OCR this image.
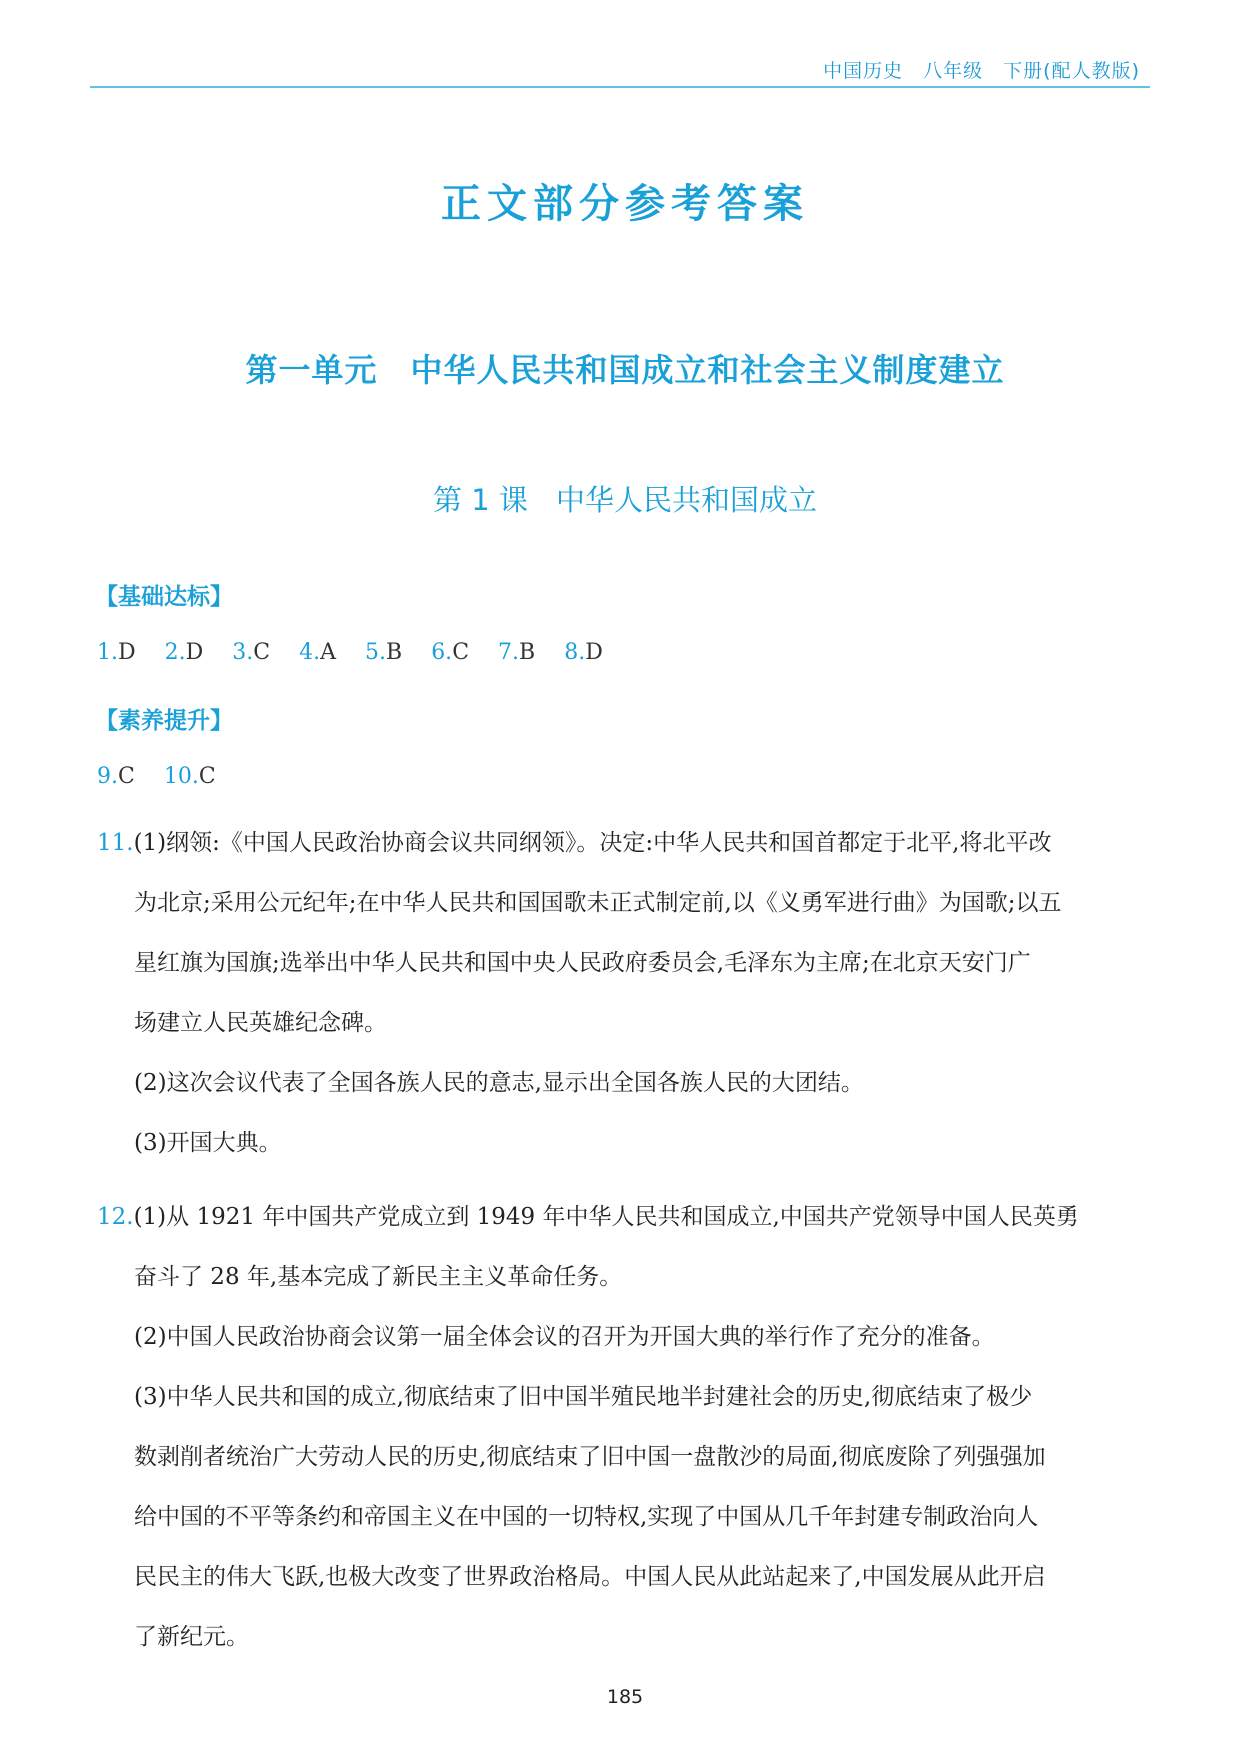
中国历史 八年级 下册(配人教版)
正文部分参考答案
第一单元　中华人民共和国成立和社会主义制度建立
第 1 课 中华人民共和国成立
【基础达标】
1.D 2.D 3.C 4.A 5.B 6.C 7.B 8.D
【素养提升】
9.C 10.C

11.(1)纲领:《中国人民政治协商会议共同纲领》。决定:中华人民共和国首都定于北平,将北平改

为北京;采用公元纪年;在中华人民共和国国歌未正式制定前,以《义勇军进行曲》为国歌;以五

星红旗为国旗;选举出中华人民共和国中央人民政府委员会,毛泽东为主席;在北京天安门广

场建立人民英雄纪念碑。

(2)这次会议代表了全国各族人民的意志,显示出全国各族人民的大团结。

(3)开国大典。

12.(1)从 1921 年中国共产党成立到 1949 年中华人民共和国成立,中国共产党领导中国人民英勇

奋斗了 28 年,基本完成了新民主主义革命任务。

(2)中国人民政治协商会议第一届全体会议的召开为开国大典的举行作了充分的准备。

(3)中华人民共和国的成立,彻底结束了旧中国半殖民地半封建社会的历史,彻底结束了极少

数剥削者统治广大劳动人民的历史,彻底结束了旧中国一盘散沙的局面,彻底废除了列强强加

给中国的不平等条约和帝国主义在中国的一切特权,实现了中国从几千年封建专制政治向人

民民主的伟大飞跃,也极大改变了世界政治格局。中国人民从此站起来了,中国发展从此开启

了新纪元。

185
